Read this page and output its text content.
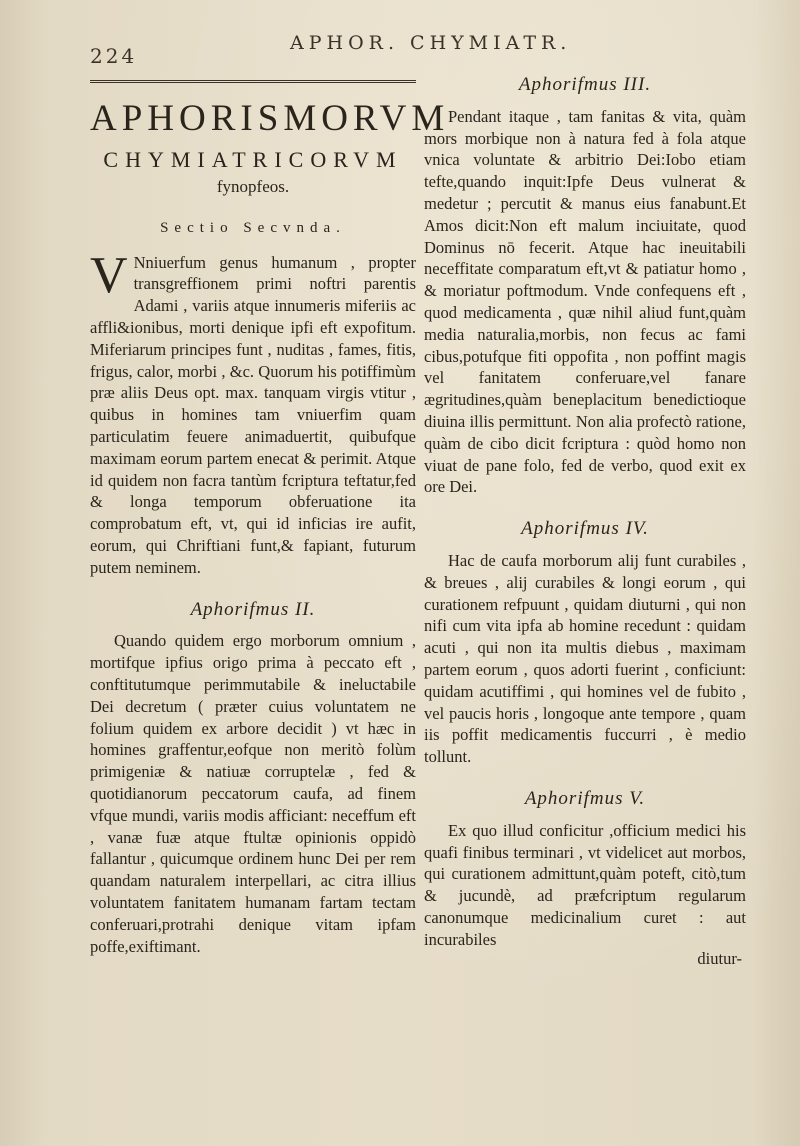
224
APHOR. CHYMIATR.
APHORISMORVM
CHYMIATRICORVM
fynopfeos.
Sectio Secvnda.

VNniuerfum genus humanum , propter transgreffionem primi noftri parentis Adami , variis atque innumeris miferiis ac affli&ionibus, morti denique ipfi eft expofitum. Miferiarum principes funt , nuditas , fames, fitis, frigus, calor, morbi , &c. Quorum his potiffimùm præ aliis Deus opt. max. tanquam virgis vtitur , quibus in homines tam vniuerfim quam particulatim feuere animaduertit, quibufque maximam eorum partem enecat & perimit. Atque id quidem non facra tantùm fcriptura teftatur,fed & longa temporum obferuatione ita comprobatum eft, vt, qui id inficias ire aufit, eorum, qui Chriftiani funt,& fapiant, futurum putem neminem.

Aphorifmus II.

Quando quidem ergo morborum omnium , mortifque ipfius origo prima à peccato eft , conftitutumque perimmutabile & ineluctabile Dei decretum ( præter cuius voluntatem ne folium quidem ex arbore decidit ) vt hæc in homines graffentur,eofque non meritò folùm primigeniæ & natiuæ corruptelæ , fed & quotidianorum peccatorum caufa, ad finem vfque mundi, variis modis afficiant: neceffum eft , vanæ fuæ atque ftultæ opinionis oppidò fallantur , quicumque ordinem hunc Dei per rem quandam naturalem interpellari, ac citra illius voluntatem fanitatem humanam fartam tectam conferuari,protrahi denique vitam ipfam poffe,exiftimant.

Aphorifmus III.

Pendant itaque , tam fanitas & vita, quàm mors morbique non à natura fed à fola atque vnica voluntate & arbitrio Dei:Iobo etiam tefte,quando inquit:Ipfe Deus vulnerat & medetur ; percutit & manus eius fanabunt.Et Amos dicit:Non eft malum inciuitate, quod Dominus nō fecerit. Atque hac ineuitabili neceffitate comparatum eft,vt & patiatur homo , & moriatur poftmodum. Vnde confequens eft , quod medicamenta , quæ nihil aliud funt,quàm media naturalia,morbis, non fecus ac fami cibus,potufque fiti oppofita , non poffint magis vel fanitatem conferuare,vel fanare ægritudines,quàm beneplacitum benedictioque diuina illis permittunt. Non alia profectò ratione, quàm de cibo dicit fcriptura : quòd homo non viuat de pane folo, fed de verbo, quod exit ex ore Dei.

Aphorifmus IV.

Hac de caufa morborum alij funt curabiles , & breues , alij curabiles & longi eorum , qui curationem refpuunt , quidam diuturni , qui non nifi cum vita ipfa ab homine recedunt : quidam acuti , qui non ita multis diebus , maximam partem eorum , quos adorti fuerint , conficiunt: quidam acutiffimi , qui homines vel de fubito , vel paucis horis , longoque ante tempore , quam iis poffit medicamentis fuccurri , è medio tollunt.

Aphorifmus V.

Ex quo illud conficitur ,officium medici his quafi finibus terminari , vt videlicet aut morbos, qui curationem admittunt,quàm poteft, citò,tum & jucundè, ad præfcriptum regularum canonumque medicinalium curet : aut incurabiles

diutur-
